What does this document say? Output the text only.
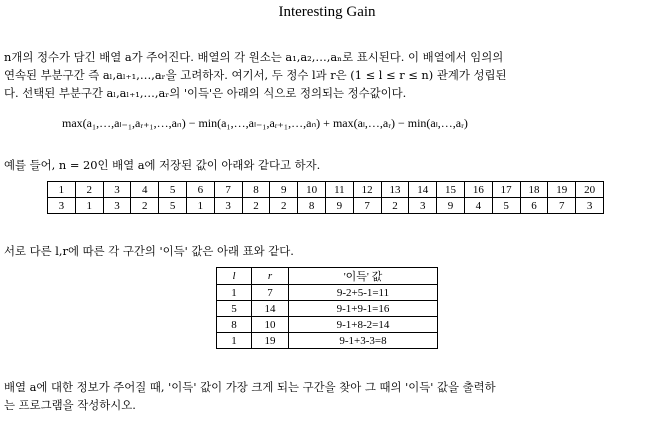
Interesting Gain
n개의 정수가 담긴 배열 a가 주어진다. 배열의 각 원소는 a₁,a₂,…,aₙ로 표시된다. 이 배열에서 임의의
연속된 부분구간 즉 aₗ,aₗ₊₁,…,aᵣ을 고려하자. 여기서, 두 정수 l과 r은 (1 ≤ l ≤ r ≤ n) 관계가 성립된
다. 선택된 부분구간 aₗ,aₗ₊₁,…,aᵣ의 '이득'은 아래의 식으로 정의되는 정수값이다.
max(a₁,…,aₗ₋₁,aᵣ₊₁,…,aₙ) − min(a₁,…,aₗ₋₁,aᵣ₊₁,…,aₙ) + max(aₗ,…,aᵣ) − min(aₗ,…,aᵣ)
예를 들어, n = 20인 배열 a에 저장된 값이 아래와 같다고 하자.
1	2	3	4	5	6	7	8	9	10	11	12	13	14	15	16	17	18	19	20
3	1	3	2	5	1	3	2	2	8	9	7	2	3	9	4	5	6	7	3
서로 다른 l,r에 따른 각 구간의 '이득' 값은 아래 표와 같다.
l	r	'이득' 값
1	7	9-2+5-1=11
5	14	9-1+9-1=16
8	10	9-1+8-2=14
1	19	9-1+3-3=8
배열 a에 대한 정보가 주어질 때, '이득' 값이 가장 크게 되는 구간을 찾아 그 때의 '이득' 값을 출력하
는 프로그램을 작성하시오.
